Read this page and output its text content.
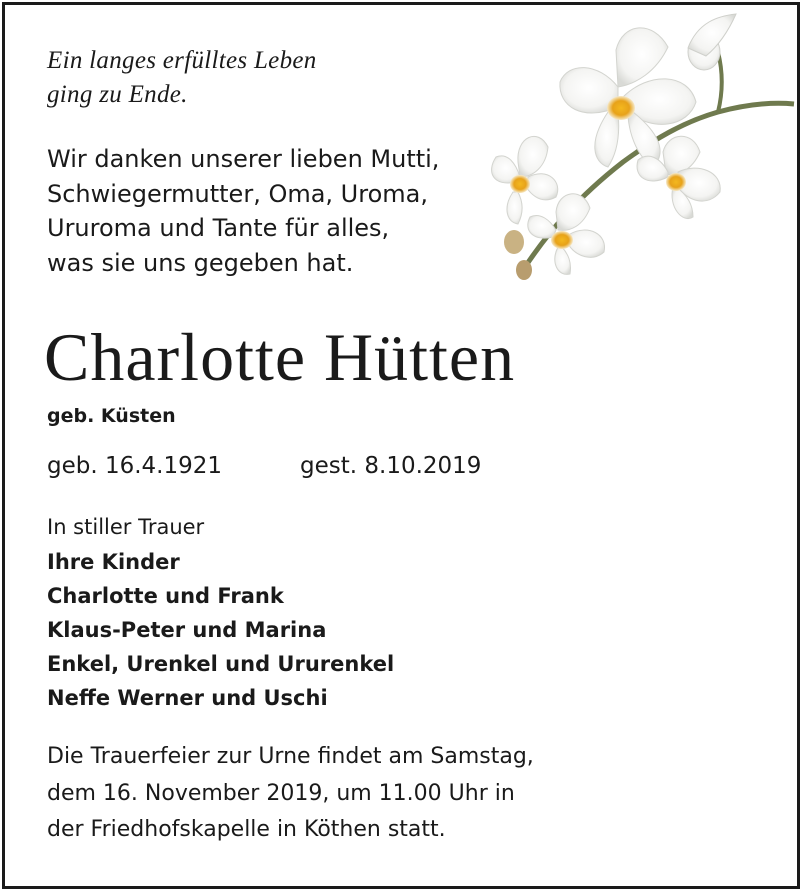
Ein langes erfülltes Leben
ging zu Ende.
Wir danken unserer lieben Mutti,
Schwiegermutter, Oma, Uroma,
Ururoma und Tante für alles,
was sie uns gegeben hat.
Charlotte Hütten
geb. Küsten
geb. 16.4.1921	gest. 8.10.2019
In stiller Trauer
Ihre Kinder
Charlotte und Frank
Klaus-Peter und Marina
Enkel, Urenkel und Ururenkel
Neffe Werner und Uschi
Die Trauerfeier zur Urne findet am Samstag,
dem 16. November 2019, um 11.00 Uhr in
der Friedhofskapelle in Köthen statt.
